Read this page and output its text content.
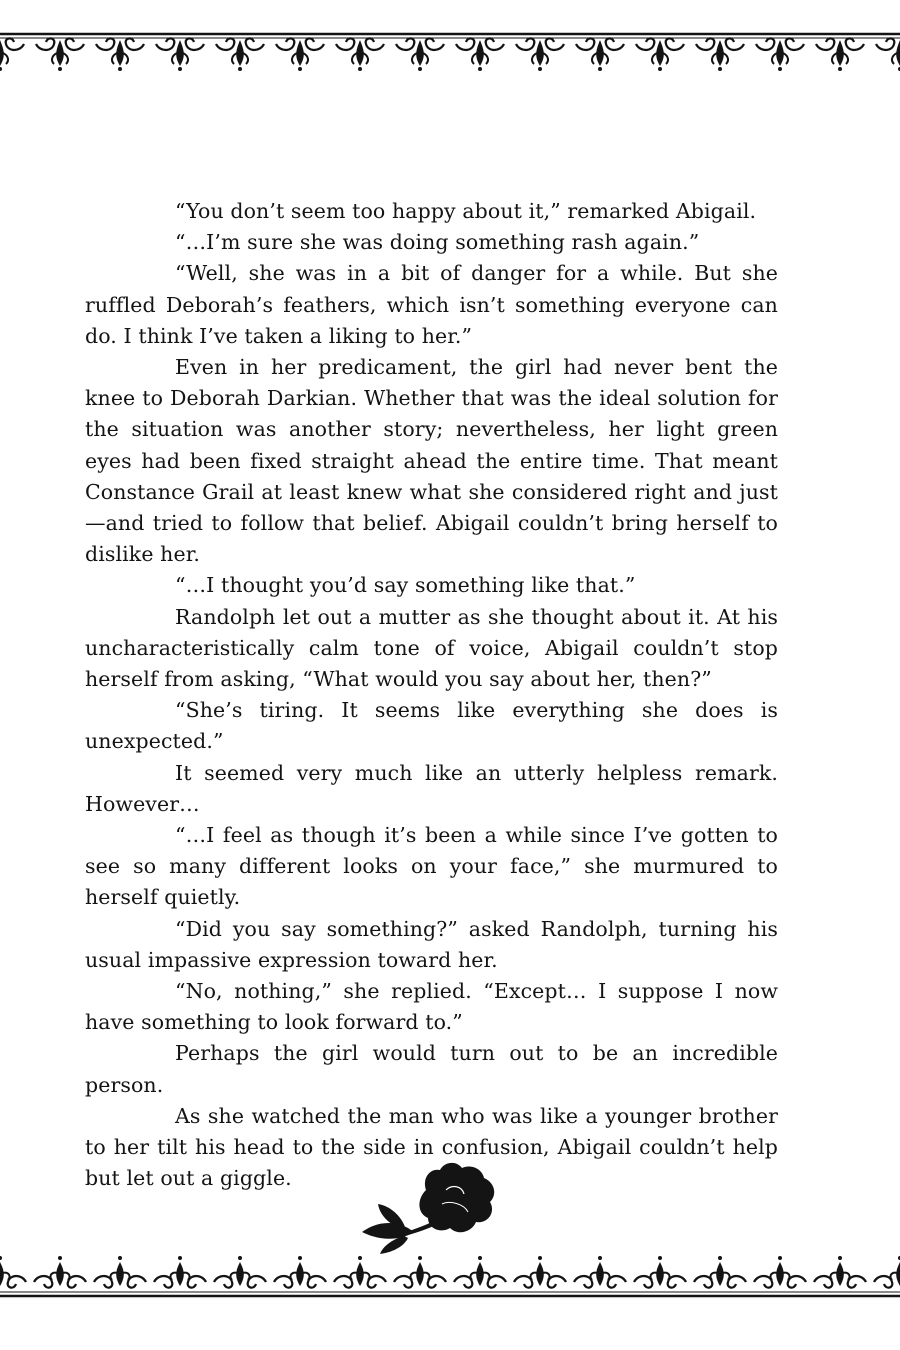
“You don’t seem too happy about it,” remarked Abigail.

“…I’m sure she was doing something rash again.”

“Well, she was in a bit of danger for a while. But she ruffled Deborah’s feathers, which isn’t something everyone can do. I think I’ve taken a liking to her.”

Even in her predicament, the girl had never bent the knee to Deborah Darkian. Whether that was the ideal solution for the situation was another story; nevertheless, her light green eyes had been fixed straight ahead the entire time. That meant Constance Grail at least knew what she considered right and just—and tried to follow that belief. Abigail couldn’t bring herself to dislike her.

“…I thought you’d say something like that.”

Randolph let out a mutter as she thought about it. At his uncharacteristically calm tone of voice, Abigail couldn’t stop herself from asking, “What would you say about her, then?”

“She’s tiring. It seems like everything she does is unexpected.”

It seemed very much like an utterly helpless remark. However…

“…I feel as though it’s been a while since I’ve gotten to see so many different looks on your face,” she murmured to herself quietly.

“Did you say something?” asked Randolph, turning his usual impassive expression toward her.

“No, nothing,” she replied. “Except… I suppose I now have something to look forward to.”

Perhaps the girl would turn out to be an incredible person.

As she watched the man who was like a younger brother to her tilt his head to the side in confusion, Abigail couldn’t help but let out a giggle.
